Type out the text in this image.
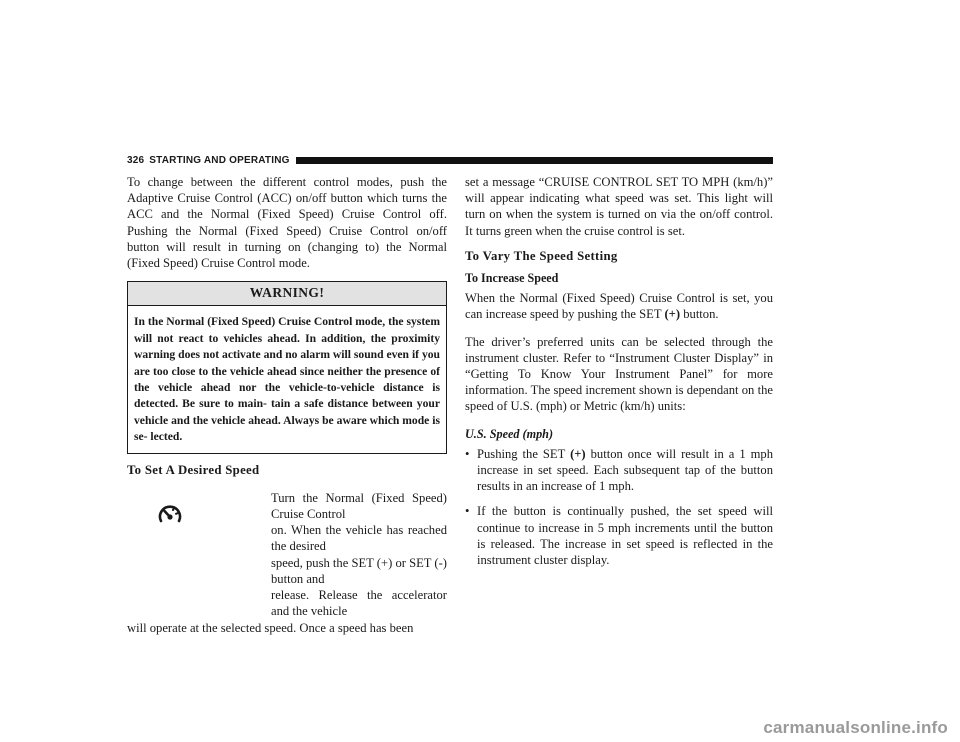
326 STARTING AND OPERATING

To change between the different control modes, push the Adaptive Cruise Control (ACC) on/off button which turns the ACC and the Normal (Fixed Speed) Cruise Control off. Pushing the Normal (Fixed Speed) Cruise Control on/off button will result in turning on (changing to) the Normal (Fixed Speed) Cruise Control mode.

WARNING!
In the Normal (Fixed Speed) Cruise Control mode, the system will not react to vehicles ahead. In addition, the proximity warning does not activate and no alarm will sound even if you are too close to the vehicle ahead since neither the presence of the vehicle ahead nor the vehicle-to-vehicle distance is detected. Be sure to main- tain a safe distance between your vehicle and the vehicle ahead. Always be aware which mode is se- lected.
To Set A Desired Speed

Turn the Normal (Fixed Speed) Cruise Control

on. When the vehicle has reached the desired

speed, push the SET (+) or SET (-) button and

release. Release the accelerator and the vehicle

will operate at the selected speed. Once a speed has been

set a message “CRUISE CONTROL SET TO MPH (km/h)” will appear indicating what speed was set. This light will turn on when the system is turned on via the on/off control. It turns green when the cruise control is set.

To Vary The Speed Setting
To Increase Speed

When the Normal (Fixed Speed) Cruise Control is set, you can increase speed by pushing the SET (+) button.

The driver’s preferred units can be selected through the instrument cluster. Refer to “Instrument Cluster Display” in “Getting To Know Your Instrument Panel” for more information. The speed increment shown is dependant on the speed of U.S. (mph) or Metric (km/h) units:

U.S. Speed (mph)
• Pushing the SET (+) button once will result in a 1 mph increase in set speed. Each subsequent tap of the button results in an increase of 1 mph.
• If the button is continually pushed, the set speed will continue to increase in 5 mph increments until the button is released. The increase in set speed is reflected in the instrument cluster display.
carmanualsonline.info
